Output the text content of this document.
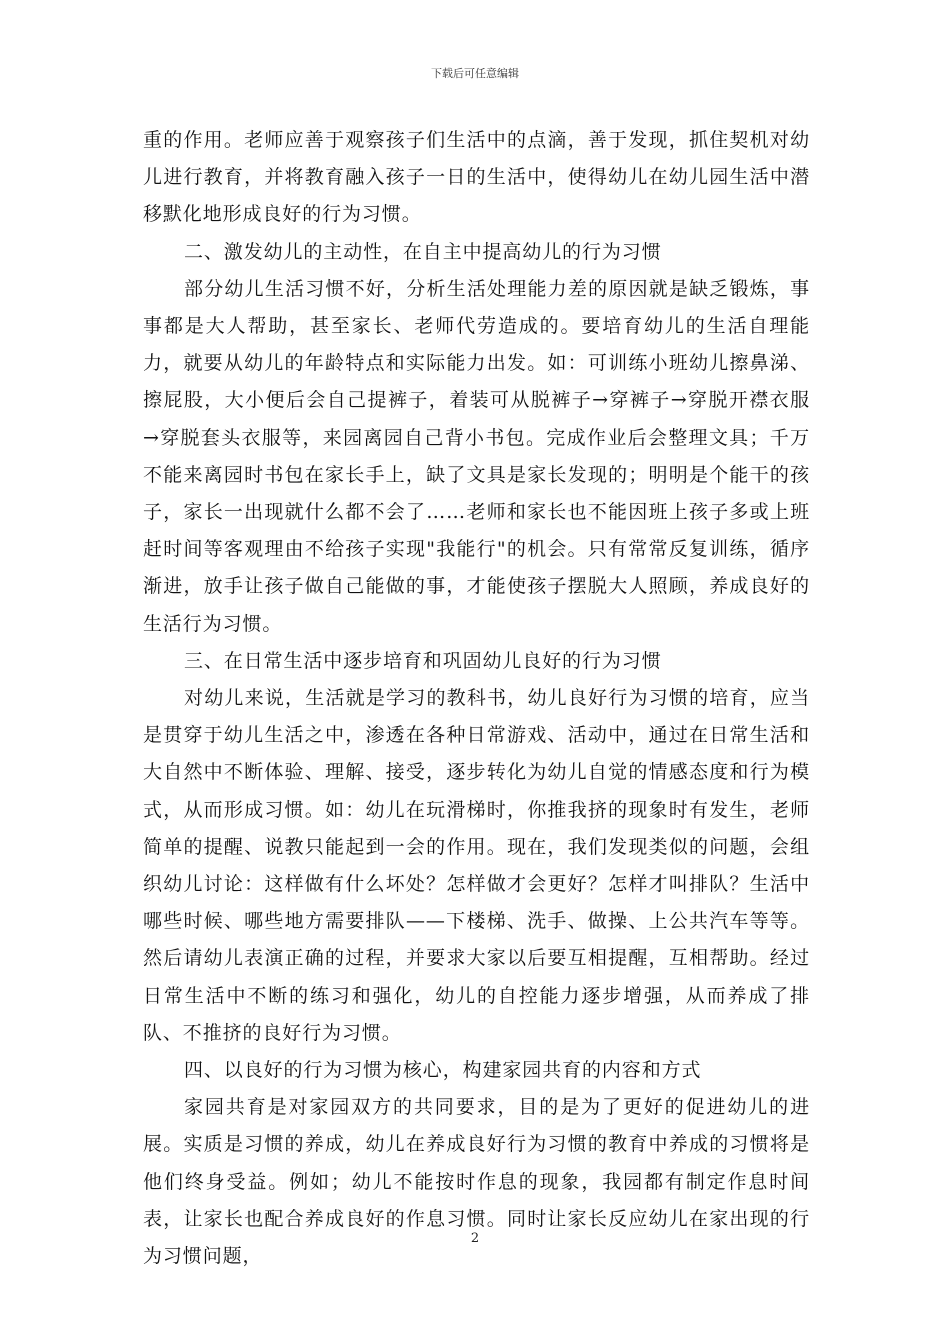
下载后可任意编辑

重的作用。老师应善于观察孩子们生活中的点滴，善于发现，抓住契机对幼儿进行教育，并将教育融入孩子一日的生活中，使得幼儿在幼儿园生活中潜移默化地形成良好的行为习惯。

二、激发幼儿的主动性，在自主中提高幼儿的行为习惯

部分幼儿生活习惯不好，分析生活处理能力差的原因就是缺乏锻炼，事事都是大人帮助，甚至家长、老师代劳造成的。要培育幼儿的生活自理能力，就要从幼儿的年龄特点和实际能力出发。如：可训练小班幼儿擦鼻涕、擦屁股，大小便后会自己提裤子，着装可从脱裤子→穿裤子→穿脱开襟衣服→穿脱套头衣服等，来园离园自己背小书包。完成作业后会整理文具；千万不能来离园时书包在家长手上，缺了文具是家长发现的；明明是个能干的孩子，家长一出现就什么都不会了……老师和家长也不能因班上孩子多或上班赶时间等客观理由不给孩子实现"我能行"的机会。只有常常反复训练，循序渐进，放手让孩子做自己能做的事，才能使孩子摆脱大人照顾，养成良好的生活行为习惯。

三、在日常生活中逐步培育和巩固幼儿良好的行为习惯

对幼儿来说，生活就是学习的教科书，幼儿良好行为习惯的培育，应当是贯穿于幼儿生活之中，渗透在各种日常游戏、活动中，通过在日常生活和大自然中不断体验、理解、接受，逐步转化为幼儿自觉的情感态度和行为模式，从而形成习惯。如：幼儿在玩滑梯时，你推我挤的现象时有发生，老师简单的提醒、说教只能起到一会的作用。现在，我们发现类似的问题，会组织幼儿讨论：这样做有什么坏处？怎样做才会更好？怎样才叫排队？生活中哪些时候、哪些地方需要排队——下楼梯、洗手、做操、上公共汽车等等。然后请幼儿表演正确的过程，并要求大家以后要互相提醒，互相帮助。经过日常生活中不断的练习和强化，幼儿的自控能力逐步增强，从而养成了排队、不推挤的良好行为习惯。

四、以良好的行为习惯为核心，构建家园共育的内容和方式

家园共育是对家园双方的共同要求，目的是为了更好的促进幼儿的进展。实质是习惯的养成，幼儿在养成良好行为习惯的教育中养成的习惯将是他们终身受益。例如；幼儿不能按时作息的现象，我园都有制定作息时间表，让家长也配合养成良好的作息习惯。同时让家长反应幼儿在家出现的行为习惯问题，

2
